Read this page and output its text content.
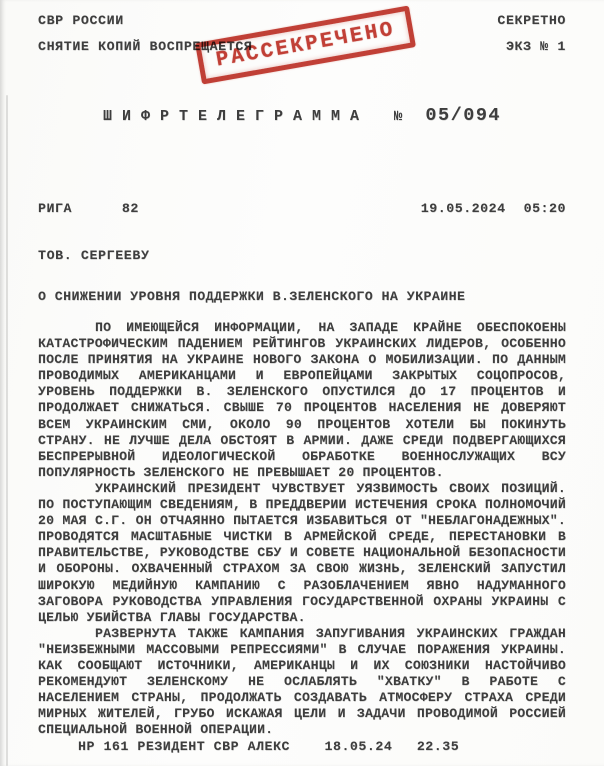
СВР РОССИИ
СНЯТИЕ КОПИЙ ВОСПРЕЩАЕТСЯ
СЕКРЕТНО
ЭКЗ № 1
РАССЕКРЕЧЕНО
ШИФРТЕЛЕГРАММА № 05/094
РИГА	82	19.05.2024 05:20
ТОВ. СЕРГЕЕВУ
О СНИЖЕНИИ УРОВНЯ ПОДДЕРЖКИ В.ЗЕЛЕНСКОГО НА УКРАИНЕ

ПО ИМЕЮЩЕЙСЯ ИНФОРМАЦИИ, НА ЗАПАДЕ КРАЙНЕ ОБЕСПОКОЕНЫ КАТАСТРОФИЧЕСКИМ ПАДЕНИЕМ РЕЙТИНГОВ УКРАИНСКИХ ЛИДЕРОВ, ОСОБЕННО ПОСЛЕ ПРИНЯТИЯ НА УКРАИНЕ НОВОГО ЗАКОНА О МОБИЛИЗАЦИИ. ПО ДАННЫМ ПРОВОДИМЫХ АМЕРИКАНЦАМИ И ЕВРОПЕЙЦАМИ ЗАКРЫТЫХ СОЦОПРОСОВ, УРОВЕНЬ ПОДДЕРЖКИ В. ЗЕЛЕНСКОГО ОПУСТИЛСЯ ДО 17 ПРОЦЕНТОВ И ПРОДОЛЖАЕТ СНИЖАТЬСЯ. СВЫШЕ 70 ПРОЦЕНТОВ НАСЕЛЕНИЯ НЕ ДОВЕРЯЮТ ВСЕМ УКРАИНСКИМ СМИ, ОКОЛО 90 ПРОЦЕНТОВ ХОТЕЛИ БЫ ПОКИНУТЬ СТРАНУ. НЕ ЛУЧШЕ ДЕЛА ОБСТОЯТ В АРМИИ. ДАЖЕ СРЕДИ ПОДВЕРГАЮЩИХСЯ БЕСПРЕРЫВНОЙ ИДЕОЛОГИЧЕСКОЙ ОБРАБОТКЕ ВОЕННОСЛУЖАЩИХ ВСУ ПОПУЛЯРНОСТЬ ЗЕЛЕНСКОГО НЕ ПРЕВЫШАЕТ 20 ПРОЦЕНТОВ.

УКРАИНСКИЙ ПРЕЗИДЕНТ ЧУВСТВУЕТ УЯЗВИМОСТЬ СВОИХ ПОЗИЦИЙ. ПО ПОСТУПАЮЩИМ СВЕДЕНИЯМ, В ПРЕДДВЕРИИ ИСТЕЧЕНИЯ СРОКА ПОЛНОМОЧИЙ 20 МАЯ С.Г. ОН ОТЧАЯННО ПЫТАЕТСЯ ИЗБАВИТЬСЯ ОТ "НЕБЛАГОНАДЕЖНЫХ". ПРОВОДЯТСЯ МАСШТАБНЫЕ ЧИСТКИ В АРМЕЙСКОЙ СРЕДЕ, ПЕРЕСТАНОВКИ В ПРАВИТЕЛЬСТВЕ, РУКОВОДСТВЕ СБУ И СОВЕТЕ НАЦИОНАЛЬНОЙ БЕЗОПАСНОСТИ И ОБОРОНЫ. ОХВАЧЕННЫЙ СТРАХОМ ЗА СВОЮ ЖИЗНЬ, ЗЕЛЕНСКИЙ ЗАПУСТИЛ ШИРОКУЮ МЕДИЙНУЮ КАМПАНИЮ С РАЗОБЛАЧЕНИЕМ ЯВНО НАДУМАННОГО ЗАГОВОРА РУКОВОДСТВА УПРАВЛЕНИЯ ГОСУДАРСТВЕННОЙ ОХРАНЫ УКРАИНЫ С ЦЕЛЬЮ УБИЙСТВА ГЛАВЫ ГОСУДАРСТВА.

РАЗВЕРНУТА ТАКЖЕ КАМПАНИЯ ЗАПУГИВАНИЯ УКРАИНСКИХ ГРАЖДАН "НЕИЗБЕЖНЫМИ МАССОВЫМИ РЕПРЕССИЯМИ" В СЛУЧАЕ ПОРАЖЕНИЯ УКРАИНЫ. КАК СООБЩАЮТ ИСТОЧНИКИ, АМЕРИКАНЦЫ И ИХ СОЮЗНИКИ НАСТОЙЧИВО РЕКОМЕНДУЮТ ЗЕЛЕНСКОМУ НЕ ОСЛАБЛЯТЬ "ХВАТКУ" В РАБОТЕ С НАСЕЛЕНИЕМ СТРАНЫ, ПРОДОЛЖАТЬ СОЗДАВАТЬ АТМОСФЕРУ СТРАХА СРЕДИ МИРНЫХ ЖИТЕЛЕЙ, ГРУБО ИСКАЖАЯ ЦЕЛИ И ЗАДАЧИ ПРОВОДИМОЙ РОССИЕЙ СПЕЦИАЛЬНОЙ ВОЕННОЙ ОПЕРАЦИИ.

НР 161 РЕЗИДЕНТ СВР АЛЕКС	18.05.24 22.35
